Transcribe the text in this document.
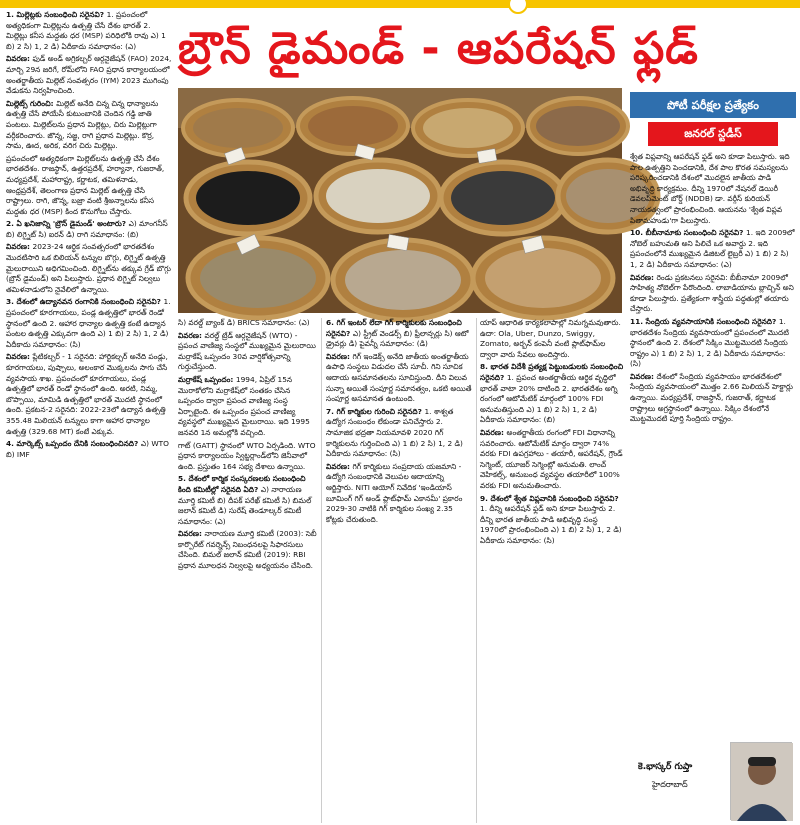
బ్రౌన్ డైమండ్ - ఆపరేషన్ ఫ్లడ్

1. మిల్లెట్లకు సంబంధించి సరైనవి? 1. ప్రపంచంలో అత్యధికంగా మిల్లెట్లను ఉత్పత్తి చేసే దేశం భారత్ 2. మిల్లెట్లు కనీస మద్దతు ధర (MSP) పరిధిలోకి రావు ఎ) 1 బి) 2 సి) 1, 2 డి) ఏదీకాదు సమాధానం: (ఎ)

వివరణ: ఫుడ్ అండ్ అగ్రికల్చర్ ఆర్గనైజేషన్ (FAO) 2024, మార్చి 29న జరిగే, రోమ్‌లోని FAO ప్రధాన కార్యాలయంలో అంతర్జాతీయ మిల్లెట్ సంవత్సరం (IYM) 2023 ముగింపు వేడుకను నిర్వహించింది.

మిల్లెట్స్ గురించి: మిల్లెట్ అనేది చిన్న చిన్న ధాన్యాలను ఉత్పత్తి చేసే పోయేసీ కుటుంబానికి చెందిన గడ్డి జాతి పంటలు. మిల్లెట్‌లను ప్రధాన మిల్లెట్లు, చిరు మిల్లెట్లుగా వర్గీకరించారు. జొన్న, సజ్జ, రాగి ప్రధాన మిల్లెట్లు. కొర్ర, సామ, ఊద, అరిక, వరిగ చిరు మిల్లెట్లు.

ప్రపంచంలో అత్యధికంగా మిల్లెట్‌లను ఉత్పత్తి చేసే దేశం భారతదేశం. రాజస్థాన్, ఉత్తరప్రదేశ్, హర్యానా, గుజరాత్, మధ్యప్రదేశ్, మహారాష్ట్ర, కర్ణాటక, తమిళనాడు, ఆంధ్రప్రదేశ్, తెలంగాణ ప్రధాన మిల్లెట్ ఉత్పత్తి చేసే రాష్ట్రాలు. రాగి, జొన్న, బజ్రా వంటి శ్రీఅన్నాలను కనీస మద్దతు ధర (MSP) కింద కొనుగోలు చేస్తారు.

2. ఏ ఖనిజాన్ని 'బ్రౌన్ డైమండ్' అంటారు? ఎ) మాంగనీస్ బి) లిగ్నైట్ సి) ఐరన్ డి) రాగి సమాధానం: (బి)

వివరణ: 2023-24 ఆర్థిక సంవత్సరంలో భారతదేశం మొదటిసారి ఒక బిలియన్ టన్నుల బొగ్గు, లిగ్నైట్ ఉత్పత్తి మైలురాయిని అధిగమించింది. లిగ్నైట్‌ను తక్కువ గ్రేడ్ బొగ్గు (బ్రౌన్ డైమండ్) అని పిలుస్తారు. ప్రధాన లిగ్నైట్ నిల్వలు తమిళనాడులోని నైవేలిలో ఉన్నాయి.

3. దేశంలో ఉద్యానవన రంగానికి సంబంధించి సరైనవి? 1. ప్రపంచంలో కూరగాయలు, పండ్ల ఉత్పత్తిలో భారత్ రెండో స్థానంలో ఉంది 2. ఆహార ధాన్యాల ఉత్పత్తి కంటే ఉద్యాన పంటల ఉత్పత్తి ఎక్కువగా ఉంది ఎ) 1 బి) 2 సి) 1, 2 డి) ఏదీకాదు సమాధానం: (సి)

వివరణ: ప్లేటికల్చర్ - 1 సరైనది: హార్టికల్చర్ అనేది పండ్లు, కూరగాయలు, పుష్పాలు, అలంకార మొక్కలను సాగు చేసే వ్యవసాయ శాఖ. ప్రపంచంలో కూరగాయలు, పండ్ల ఉత్పత్తిలో భారత్ రెండో స్థానంలో ఉంది. అరటి, నిమ్మ, బొప్పాయి, మామిడి ఉత్పత్తిలో భారత్ మొదటి స్థానంలో ఉంది. ప్రకటన-2 సరైనది: 2022-23లో ఉద్యాన ఉత్పత్తి 355.48 మిలియన్ టన్నులు కాగా ఆహార ధాన్యాల ఉత్పత్తి (329.68 MT) కంటే ఎక్కువ.

4. మార్కెట్స్ ఒప్పందం దేనికి సంబంధించినది? ఎ) WTO బి) IMF

సి) వరల్డ్ బ్యాంక్ డి) BRICS సమాధానం: (ఎ)

వివరణ: వరల్డ్ ట్రేడ్ ఆర్గనైజేషన్ (WTO) - ప్రపంచ వాణిజ్య సంస్థలో ముఖ్యమైన మైలురాయి మర్రాకేష్ ఒప్పందం 30వ వార్షికోత్సవాన్ని గుర్తుచేస్తుంది.

మర్రాకేష్ ఒప్పందం: 1994, ఏప్రిల్ 15న మొరాకోలోని మర్రాకేష్‌లో సంతకం చేసిన ఒప్పందం ద్వారా ప్రపంచ వాణిజ్య సంస్థ ఏర్పాటైంది. ఈ ఒప్పందం ప్రపంచ వాణిజ్య వ్యవస్థలో ముఖ్యమైన మైలురాయి. ఇది 1995 జనవరి 1న అమల్లోకి వచ్చింది.

గాట్ (GATT) స్థానంలో WTO ఏర్పడింది. WTO ప్రధాన కార్యాలయం స్విట్జర్లాండ్‌లోని జెనీవాలో ఉంది. ప్రస్తుతం 164 సభ్య దేశాలు ఉన్నాయి.

5. దేశంలో కార్మిక సంస్కరణలకు సంబంధించి కింది కమిటీల్లో సరైనది ఏది? ఎ) నారాయణ మూర్తి కమిటీ బి) దీపక్ పరేఖ్ కమిటీ సి) బిమల్ జలాన్ కమిటీ డి) సురేష్ తెండూల్కర్ కమిటీ సమాధానం: (ఎ)

వివరణ: నారాయణ మూర్తి కమిటీ (2003): సెబీ కార్పొరేట్ గవర్నెన్స్ నిబంధనలపై సిఫారసులు చేసింది. బిమల్ జలాన్ కమిటీ (2019): RBI ప్రధాన మూలధన నిల్వలపై అధ్యయనం చేసింది.

6. గిగ్ ఇంటర్ లేదా గిగ్ కార్మికులకు సంబంధించి సరైనవి? ఎ) స్ట్రీట్ వెండర్స్ బి) ఫ్రీలాన్సర్లు సి) ఆటో డ్రైవర్లు డి) పైవన్నీ సమాధానం: (డి)

వివరణ: గిగ్ ఇండెక్స్ అనేది జాతీయ అంతర్జాతీయ ఉపాధి సంస్థలు విడుదల చేసే సూచీ. గిని సూచిక ఆదాయ అసమానతలను సూచిస్తుంది. దీని విలువ సున్నా అయితే సంపూర్ణ సమానత్వం, ఒకటి అయితే సంపూర్ణ అసమానత ఉంటుంది.

7. గిగ్ కార్మికుల గురించి సరైనది? 1. శాశ్వత ఉద్యోగ సంబంధం లేకుండా పనిచేస్తారు 2. సామాజిక భద్రతా నియమావళి 2020 గిగ్ కార్మికులను గుర్తించింది ఎ) 1 బి) 2 సి) 1, 2 డి) ఏదీకాదు సమాధానం: (సి)

వివరణ: గిగ్ కార్మికులు సంప్రదాయ యజమాని - ఉద్యోగి సంబంధానికి వెలుపల ఆదాయాన్ని ఆర్జిస్తారు. NITI ఆయోగ్ నివేదిక 'ఇండియాస్ బూమింగ్ గిగ్ అండ్ ప్లాట్‌ఫామ్ ఎకానమీ' ప్రకారం 2029-30 నాటికి గిగ్ కార్మికుల సంఖ్య 2.35 కోట్లకు చేరుతుంది.

యాప్ ఆధారిత కార్యకలాపాల్లో నిమగ్నమవుతారు. ఉదా: Ola, Uber, Dunzo, Swiggy, Zomato, అర్బన్ కంపెనీ వంటి ప్లాట్‌ఫామ్‌ల ద్వారా వారు సేవలు అందిస్తారు.

8. భారత విదేశీ ప్రత్యక్ష పెట్టుబడులకు సంబంధించి సరైనది? 1. ప్రపంచ అంతర్జాతీయ ఆర్థిక వృద్ధిలో భారత్ వాటా 20% దాటింది 2. భారతదేశం అగ్ని రంగంలో ఆటోమేటిక్ మార్గంలో 100% FDI అనుమతిస్తుంది ఎ) 1 బి) 2 సి) 1, 2 డి) ఏదీకాదు సమాధానం: (బి)

వివరణ: అంతర్జాతీయ రంగంలో FDI విధానాన్ని సవరించారు. ఆటోమేటిక్ మార్గం ద్వారా 74% వరకు FDI ఉపగ్రహాలు - తయారీ, ఆపరేషన్, గ్రౌండ్ సెగ్మెంట్, యూజర్ సెగ్మెంట్లో అనుమతి. లాంచ్ వెహికల్స్, అనుబంధ వ్యవస్థల తయారీలో 100% వరకు FDI అనుమతించారు.

9. దేశంలో శ్వేత విప్లవానికి సంబంధించి సరైనవి? 1. దీన్ని ఆపరేషన్ ఫ్లడ్ అని కూడా పిలుస్తారు 2. దీన్ని భారత జాతీయ పాడి అభివృద్ధి సంస్థ 1970లో ప్రారంభించింది ఎ) 1 బి) 2 సి) 1, 2 డి) ఏదీకాదు సమాధానం: (సి)

పోటీ పరీక్షల ప్రత్యేకం
జనరల్ స్టడీస్

శ్వేత విప్లవాన్ని ఆపరేషన్ ఫ్లడ్ అని కూడా పిలుస్తారు. ఇది పాల ఉత్పత్తిని పెంచడానికి, దేశ పాల కొరత సమస్యలను పరిష్కరించడానికి దేశంలో మొదలైన జాతీయ పాడి అభివృద్ధి కార్యక్రమం. దీన్ని 1970లో నేషనల్ డెయిరీ డెవలప్‌మెంట్ బోర్డ్ (NDDB) డా. వర్గీస్ కురియన్ నాయకత్వంలో ప్రారంభించింది. ఆయనను 'శ్వేత విప్లవ పితామహుడు'గా పిలుస్తారు.

10. బీబీనామాకు సంబంధించి సరైనవి? 1. ఇది 2009లో నోబెల్ బహుమతి అని పిలిచే ఒక అవార్డు 2. ఇది ప్రపంచంలోనే ముఖ్యమైన డిజిటల్ లైబ్రరీ ఎ) 1 బి) 2 సి) 1, 2 డి) ఏదీకాదు సమాధానం: (ఎ)

వివరణ: రెండు ప్రకటనలు సరైనవి: బీబీనామా 2009లో సాహిత్య నోబెల్‌గా పేరొందింది. లాబాడియాను బ్లాచ్చిన్ అని కూడా పిలుస్తారు. ప్రత్యేకంగా శాస్త్రీయ పద్ధతుల్లో తయారు చేస్తారు.

11. సేంద్రియ వ్యవసాయానికి సంబంధించి సరైనది? 1. భారతదేశం సేంద్రియ వ్యవసాయంలో ప్రపంచంలో మొదటి స్థానంలో ఉంది 2. దేశంలో సిక్కిం మొట్టమొదటి సేంద్రియ రాష్ట్రం ఎ) 1 బి) 2 సి) 1, 2 డి) ఏదీకాదు సమాధానం: (సి)

వివరణ: దేశంలో సేంద్రియ వ్యవసాయం భారతదేశంలో సేంద్రియ వ్యవసాయంలో మొత్తం 2.66 మిలియన్ హెక్టార్లు ఉన్నాయి. మధ్యప్రదేశ్, రాజస్థాన్, గుజరాత్, కర్ణాటక రాష్ట్రాలు అగ్రస్థానంలో ఉన్నాయి. సిక్కిం దేశంలోనే మొట్టమొదటి పూర్తి సేంద్రియ రాష్ట్రం.

కె.భాస్కర్ గుప్తా
హైదరాబాద్
